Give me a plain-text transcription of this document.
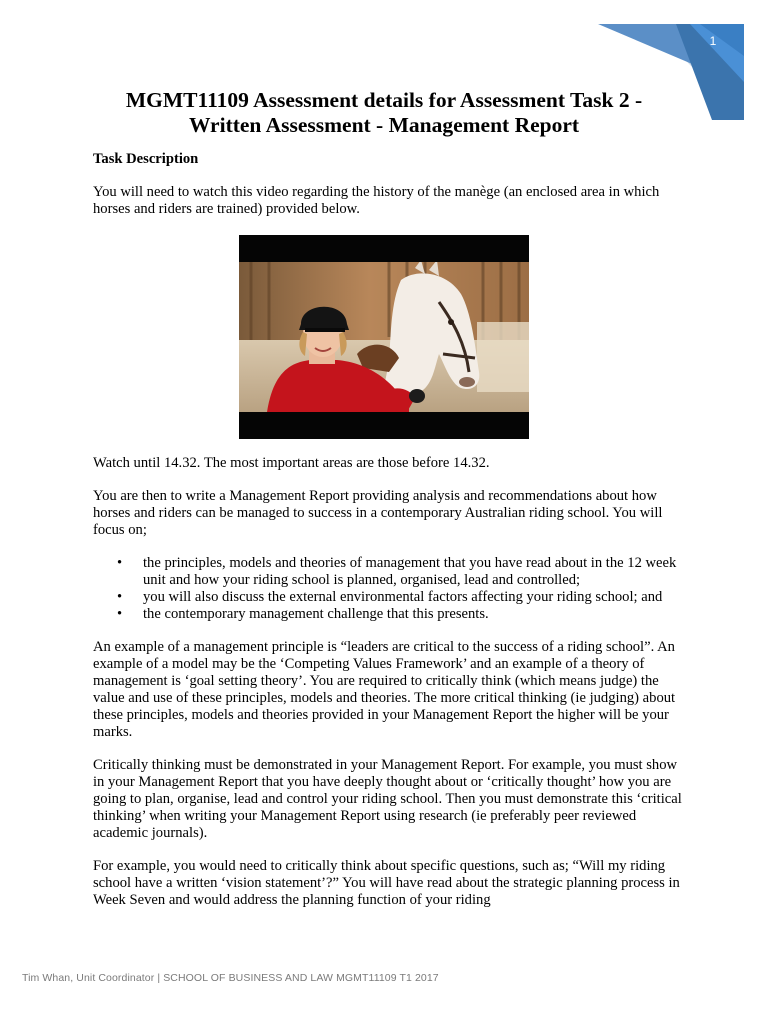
1
MGMT11109 Assessment details for Assessment Task 2 -
Written Assessment - Management Report

Task Description

You will need to watch this video regarding the history of the manège (an enclosed area in which horses and riders are trained) provided below.

Watch until 14.32. The most important areas are those before 14.32.

You are then to write a Management Report providing analysis and recommendations about how horses and riders can be managed to success in a contemporary Australian riding school. You will focus on;

• the principles, models and theories of management that you have read about in the 12 week unit and how your riding school is planned, organised, lead and controlled;
• you will also discuss the external environmental factors affecting your riding school; and
• the contemporary management challenge that this presents.

An example of a management principle is “leaders are critical to the success of a riding school”. An example of a model may be the ‘Competing Values Framework’ and an example of a theory of management is ‘goal setting theory’. You are required to critically think (which means judge) the value and use of these principles, models and theories. The more critical thinking (ie judging) about these principles, models and theories provided in your Management Report the higher will be your marks.

Critically thinking must be demonstrated in your Management Report. For example, you must show in your Management Report that you have deeply thought about or ‘critically thought’ how you are going to plan, organise, lead and control your riding school. Then you must demonstrate this ‘critical thinking’ when writing your Management Report using research (ie preferably peer reviewed academic journals).

For example, you would need to critically think about specific questions, such as; “Will my riding school have a written ‘vision statement’?” You will have read about the strategic planning process in Week Seven and would address the planning function of your riding

Tim Whan, Unit Coordinator | SCHOOL OF BUSINESS AND LAW MGMT11109 T1 2017
